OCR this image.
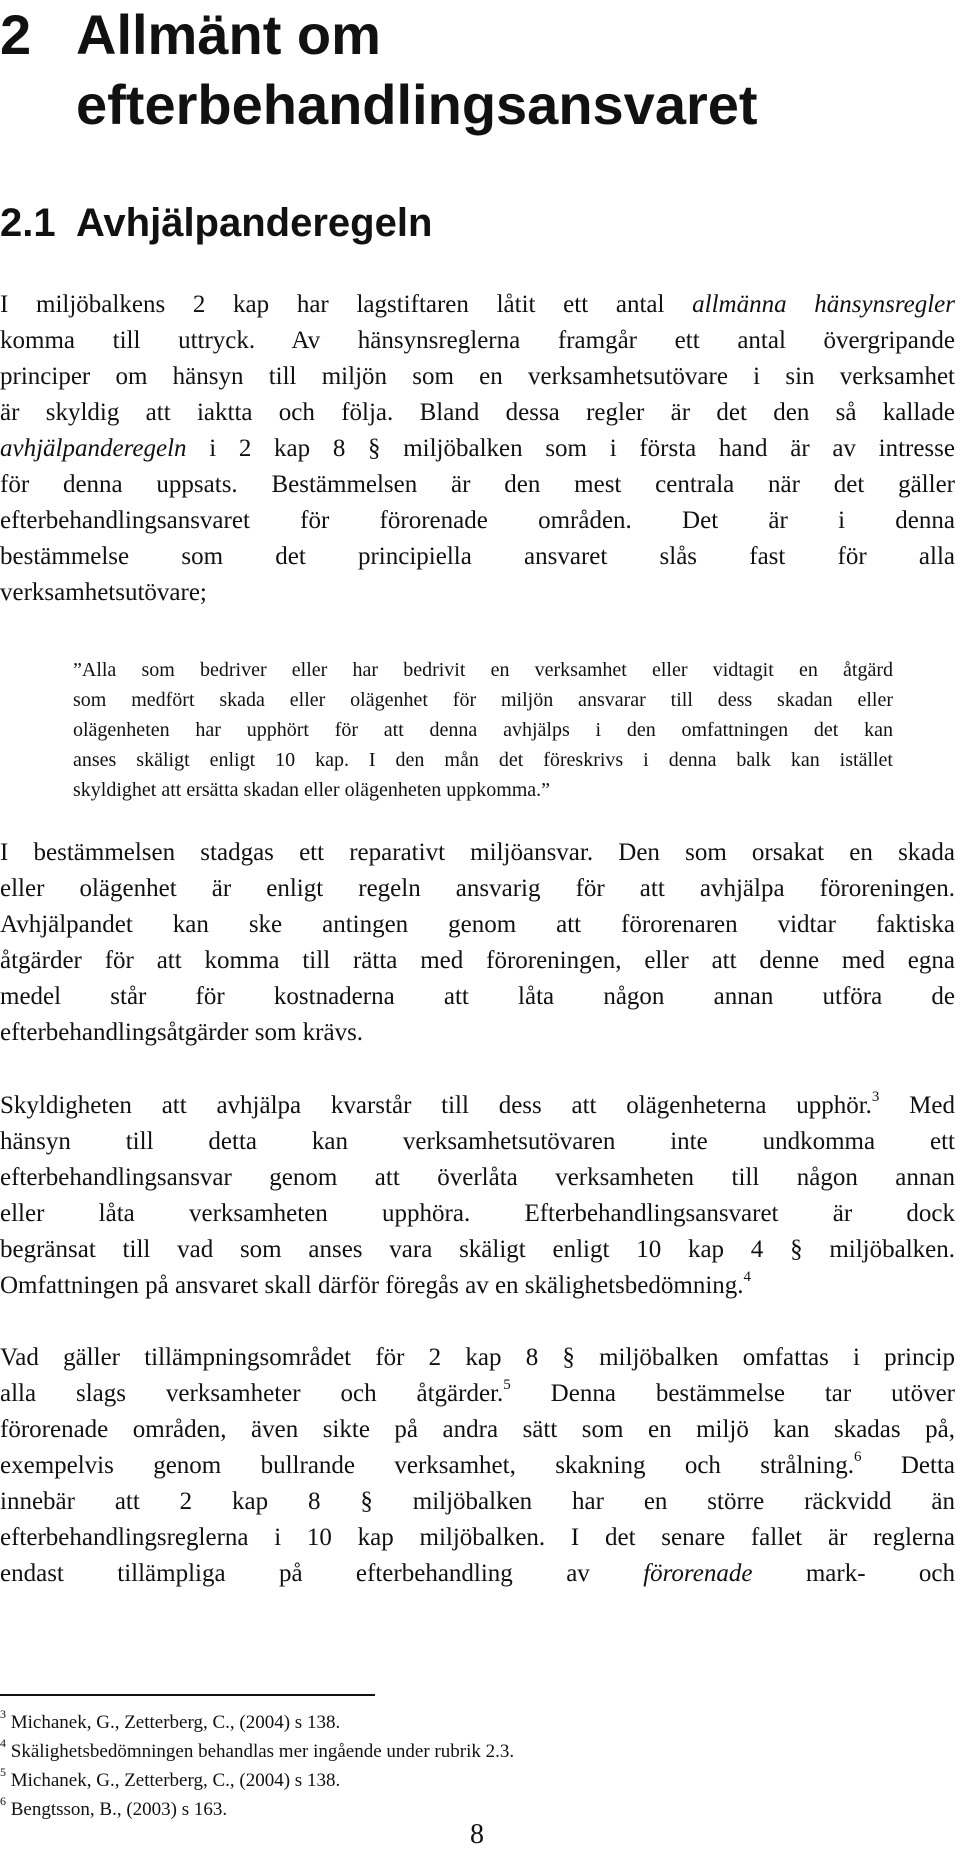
2 Allmänt om
efterbehandlingsansvaret
2.1 Avhjälpanderegeln
I miljöbalkens 2 kap har lagstiftaren låtit ett antal allmänna hänsynsregler
komma till uttryck. Av hänsynsreglerna framgår ett antal övergripande
principer om hänsyn till miljön som en verksamhetsutövare i sin verksamhet
är skyldig att iaktta och följa. Bland dessa regler är det den så kallade
avhjälpanderegeln i 2 kap 8 § miljöbalken som i första hand är av intresse
för denna uppsats. Bestämmelsen är den mest centrala när det gäller
efterbehandlingsansvaret för förorenade områden. Det är i denna
bestämmelse som det principiella ansvaret slås fast för alla
verksamhetsutövare;
”Alla som bedriver eller har bedrivit en verksamhet eller vidtagit en åtgärd
som medfört skada eller olägenhet för miljön ansvarar till dess skadan eller
olägenheten har upphört för att denna avhjälps i den omfattningen det kan
anses skäligt enligt 10 kap. I den mån det föreskrivs i denna balk kan istället
skyldighet att ersätta skadan eller olägenheten uppkomma.”
I bestämmelsen stadgas ett reparativt miljöansvar. Den som orsakat en skada
eller olägenhet är enligt regeln ansvarig för att avhjälpa föroreningen.
Avhjälpandet kan ske antingen genom att förorenaren vidtar faktiska
åtgärder för att komma till rätta med föroreningen, eller att denne med egna
medel står för kostnaderna att låta någon annan utföra de
efterbehandlingsåtgärder som krävs.
Skyldigheten att avhjälpa kvarstår till dess att olägenheterna upphör.$^3$ Med
hänsyn till detta kan verksamhetsutövaren inte undkomma ett
efterbehandlingsansvar genom att överlåta verksamheten till någon annan
eller låta verksamheten upphöra. Efterbehandlingsansvaret är dock
begränsat till vad som anses vara skäligt enligt 10 kap 4 § miljöbalken.
Omfattningen på ansvaret skall därför föregås av en skälighetsbedömning.$^4$
Vad gäller tillämpningsområdet för 2 kap 8 § miljöbalken omfattas i princip
alla slags verksamheter och åtgärder.$^5$ Denna bestämmelse tar utöver
förorenade områden, även sikte på andra sätt som en miljö kan skadas på,
exempelvis genom bullrande verksamhet, skakning och strålning.$^6$ Detta
innebär att 2 kap 8 § miljöbalken har en större räckvidd än
efterbehandlingsreglerna i 10 kap miljöbalken. I det senare fallet är reglerna
endast tillämpliga på efterbehandling av förorenade mark- och
$^3$ Michanek, G., Zetterberg, C., (2004) s 138.
$^4$ Skälighetsbedömningen behandlas mer ingående under rubrik 2.3.
$^5$ Michanek, G., Zetterberg, C., (2004) s 138.
$^6$ Bengtsson, B., (2003) s 163.
8
